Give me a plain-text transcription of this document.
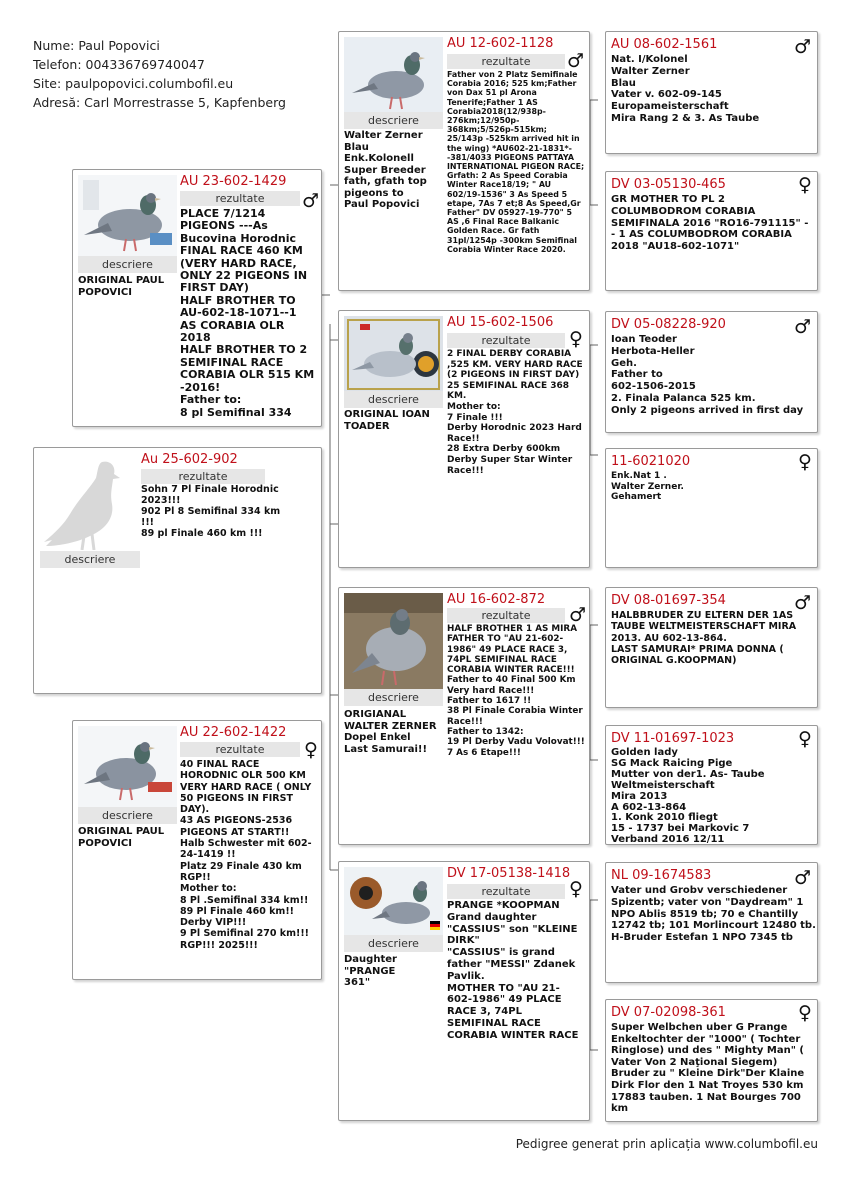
Nume: Paul Popovici
Telefon: 004336769740047
Site: paulpopovici.columbofil.eu
Adresă: Carl Morrestrasse 5, Kapfenberg
descriere
Au 25-602-902
rezultate
Sohn 7 Pl Finale Horodnic 2023!!!
902 Pl 8 Semifinal 334 km !!!
89 pl Finale 460 km !!!
descriere
ORIGINAL PAUL POPOVICI
AU 23-602-1429
rezultate	♂
PLACE 7/1214 PIGEONS ---As Bucovina Horodnic FINAL RACE 460 KM (VERY HARD RACE, ONLY 22 PIGEONS IN FIRST DAY)
HALF BROTHER TO AU-602-18-1071--1 AS CORABIA OLR 2018
HALF BROTHER TO 2 SEMIFINAL RACE CORABIA OLR 515 KM -2016!
Father to:
8 pl Semifinal 334
descriere
ORIGINAL PAUL POPOVICI
AU 22-602-1422
rezultate	♀
40 FINAL RACE HORODNIC OLR 500 KM VERY HARD RACE ( ONLY 50 PIGEONS IN FIRST DAY).
43 AS PIGEONS-2536 PIGEONS AT START!!
Halb Schwester mit 602-24-1419 !!
Platz 29 Finale 430 km RGP!!
Mother to:
8 Pl .Semifinal 334 km!!
89 Pl Finale 460 km!!
Derby VIP!!!
9 Pl Semifinal 270 km!!! RGP!!! 2025!!!
descriere
Walter Zerner
Blau
Enk.Kolonell
Super Breeder
fath, gfath top pigeons to
Paul Popovici
AU 12-602-1128
rezultate	♂
Father von 2 Platz Semifinale Corabia 2016; 525 km;Father von Dax 51 pl Arona Tenerife;Father 1 AS Corabia2018(12/938p-276km;12/950p-368km;5/526p-515km; 25/143p -525km arrived hit in the wing) *AU602-21-1831*--381/4033 PIGEONS PATTAYA INTERNATIONAL PIGEON RACE; Grfath: 2 As Speed Corabia Winter Race18/19; " AU 602/19-1536" 3 As Speed 5 etape, 7As 7 et;8 As Speed,Gr Father" DV 05927-19-770" 5 AS ,6 Final Race Balkanic Golden Race. Gr fath 31pl/1254p -300km Semifinal Corabia Winter Race 2020.
descriere
ORIGINAL IOAN TOADER
AU 15-602-1506
rezultate	♀
2 FINAL DERBY CORABIA ,525 KM. VERY HARD RACE (2 PIGEONS IN FIRST DAY)
25 SEMIFINAL RACE 368 KM.
Mother to:
7 Finale !!!
Derby Horodnic 2023 Hard Race!!
28 Extra Derby 600km Derby Super Star Winter Race!!!
descriere
ORIGIANAL WALTER ZERNER
Dopel Enkel
Last Samurai!!
AU 16-602-872
rezultate	♂
HALF BROTHER 1 AS MIRA
FATHER TO "AU 21-602-1986" 49 PLACE RACE 3, 74PL SEMIFINAL RACE CORABIA WINTER RACE!!!
Father to 40 Final 500 Km Very hard Race!!!
Father to 1617 !!
38 Pl Finale Corabia Winter Race!!!
Father to 1342:
19 Pl Derby Vadu Volovat!!!
7 As 6 Etape!!!
descriere
Daughter
"PRANGE
361"
DV 17-05138-1418
rezultate	♀
PRANGE *KOOPMAN Grand daughter "CASSIUS" son "KLEINE DIRK"
"CASSIUS" is grand father "MESSI" Zdanek Pavlik.
MOTHER TO "AU 21-602-1986" 49 PLACE RACE 3, 74PL SEMIFINAL RACE CORABIA WINTER RACE
AU 08-602-1561	♂
Nat. I/Kolonel
Walter Zerner
Blau
Vater v. 602-09-145
Europameisterschaft
Mira Rang 2 & 3. As Taube
DV 03-05130-465	♀
GR MOTHER TO PL 2 COLUMBODROM CORABIA SEMIFINALA 2016 "RO16-791115" -- 1 AS COLUMBODROM CORABIA 2018 "AU18-602-1071"
DV 05-08228-920	♂
Ioan Teoder
Herbota-Heller
Geh.
Father to
602-1506-2015
2. Finala Palanca 525 km.
Only 2 pigeons arrived in first day
11-6021020	♀
Enk.Nat 1 .
Walter Zerner.
Gehamert
DV 08-01697-354	♂
HALBBRUDER ZU ELTERN DER 1AS TAUBE WELTMEISTERSCHAFT MIRA 2013. AU 602-13-864.
LAST SAMURAI* PRIMA DONNA ( ORIGINAL G.KOOPMAN)
DV 11-01697-1023	♀
Golden lady
SG Mack Raicing Pige
Mutter von der1. As- Taube
Weltmeisterschaft
Mira 2013
A 602-13-864
1. Konk 2010 fliegt
15 - 1737 bei Markovic 7
Verband 2016 12/11
NL 09-1674583	♂
Vater und Grobv verschiedener Spizentb; vater von "Daydream" 1 NPO Ablis 8519 tb; 70 e Chantilly 12742 tb; 101 Morlincourt 12480 tb. H-Bruder Estefan 1 NPO 7345 tb
DV 07-02098-361	♀
Super Welbchen uber G Prange Enkeltochter der "1000" ( Tochter Ringlose) und des " Mighty Man" ( Vater Von 2 Naţional Siegem) Bruder zu " Kleine Dirk"Der Klaine Dirk Flor den 1 Nat Troyes 530 km 17883 tauben. 1 Nat Bourges 700 km
Pedigree generat prin aplicația www.columbofil.eu
